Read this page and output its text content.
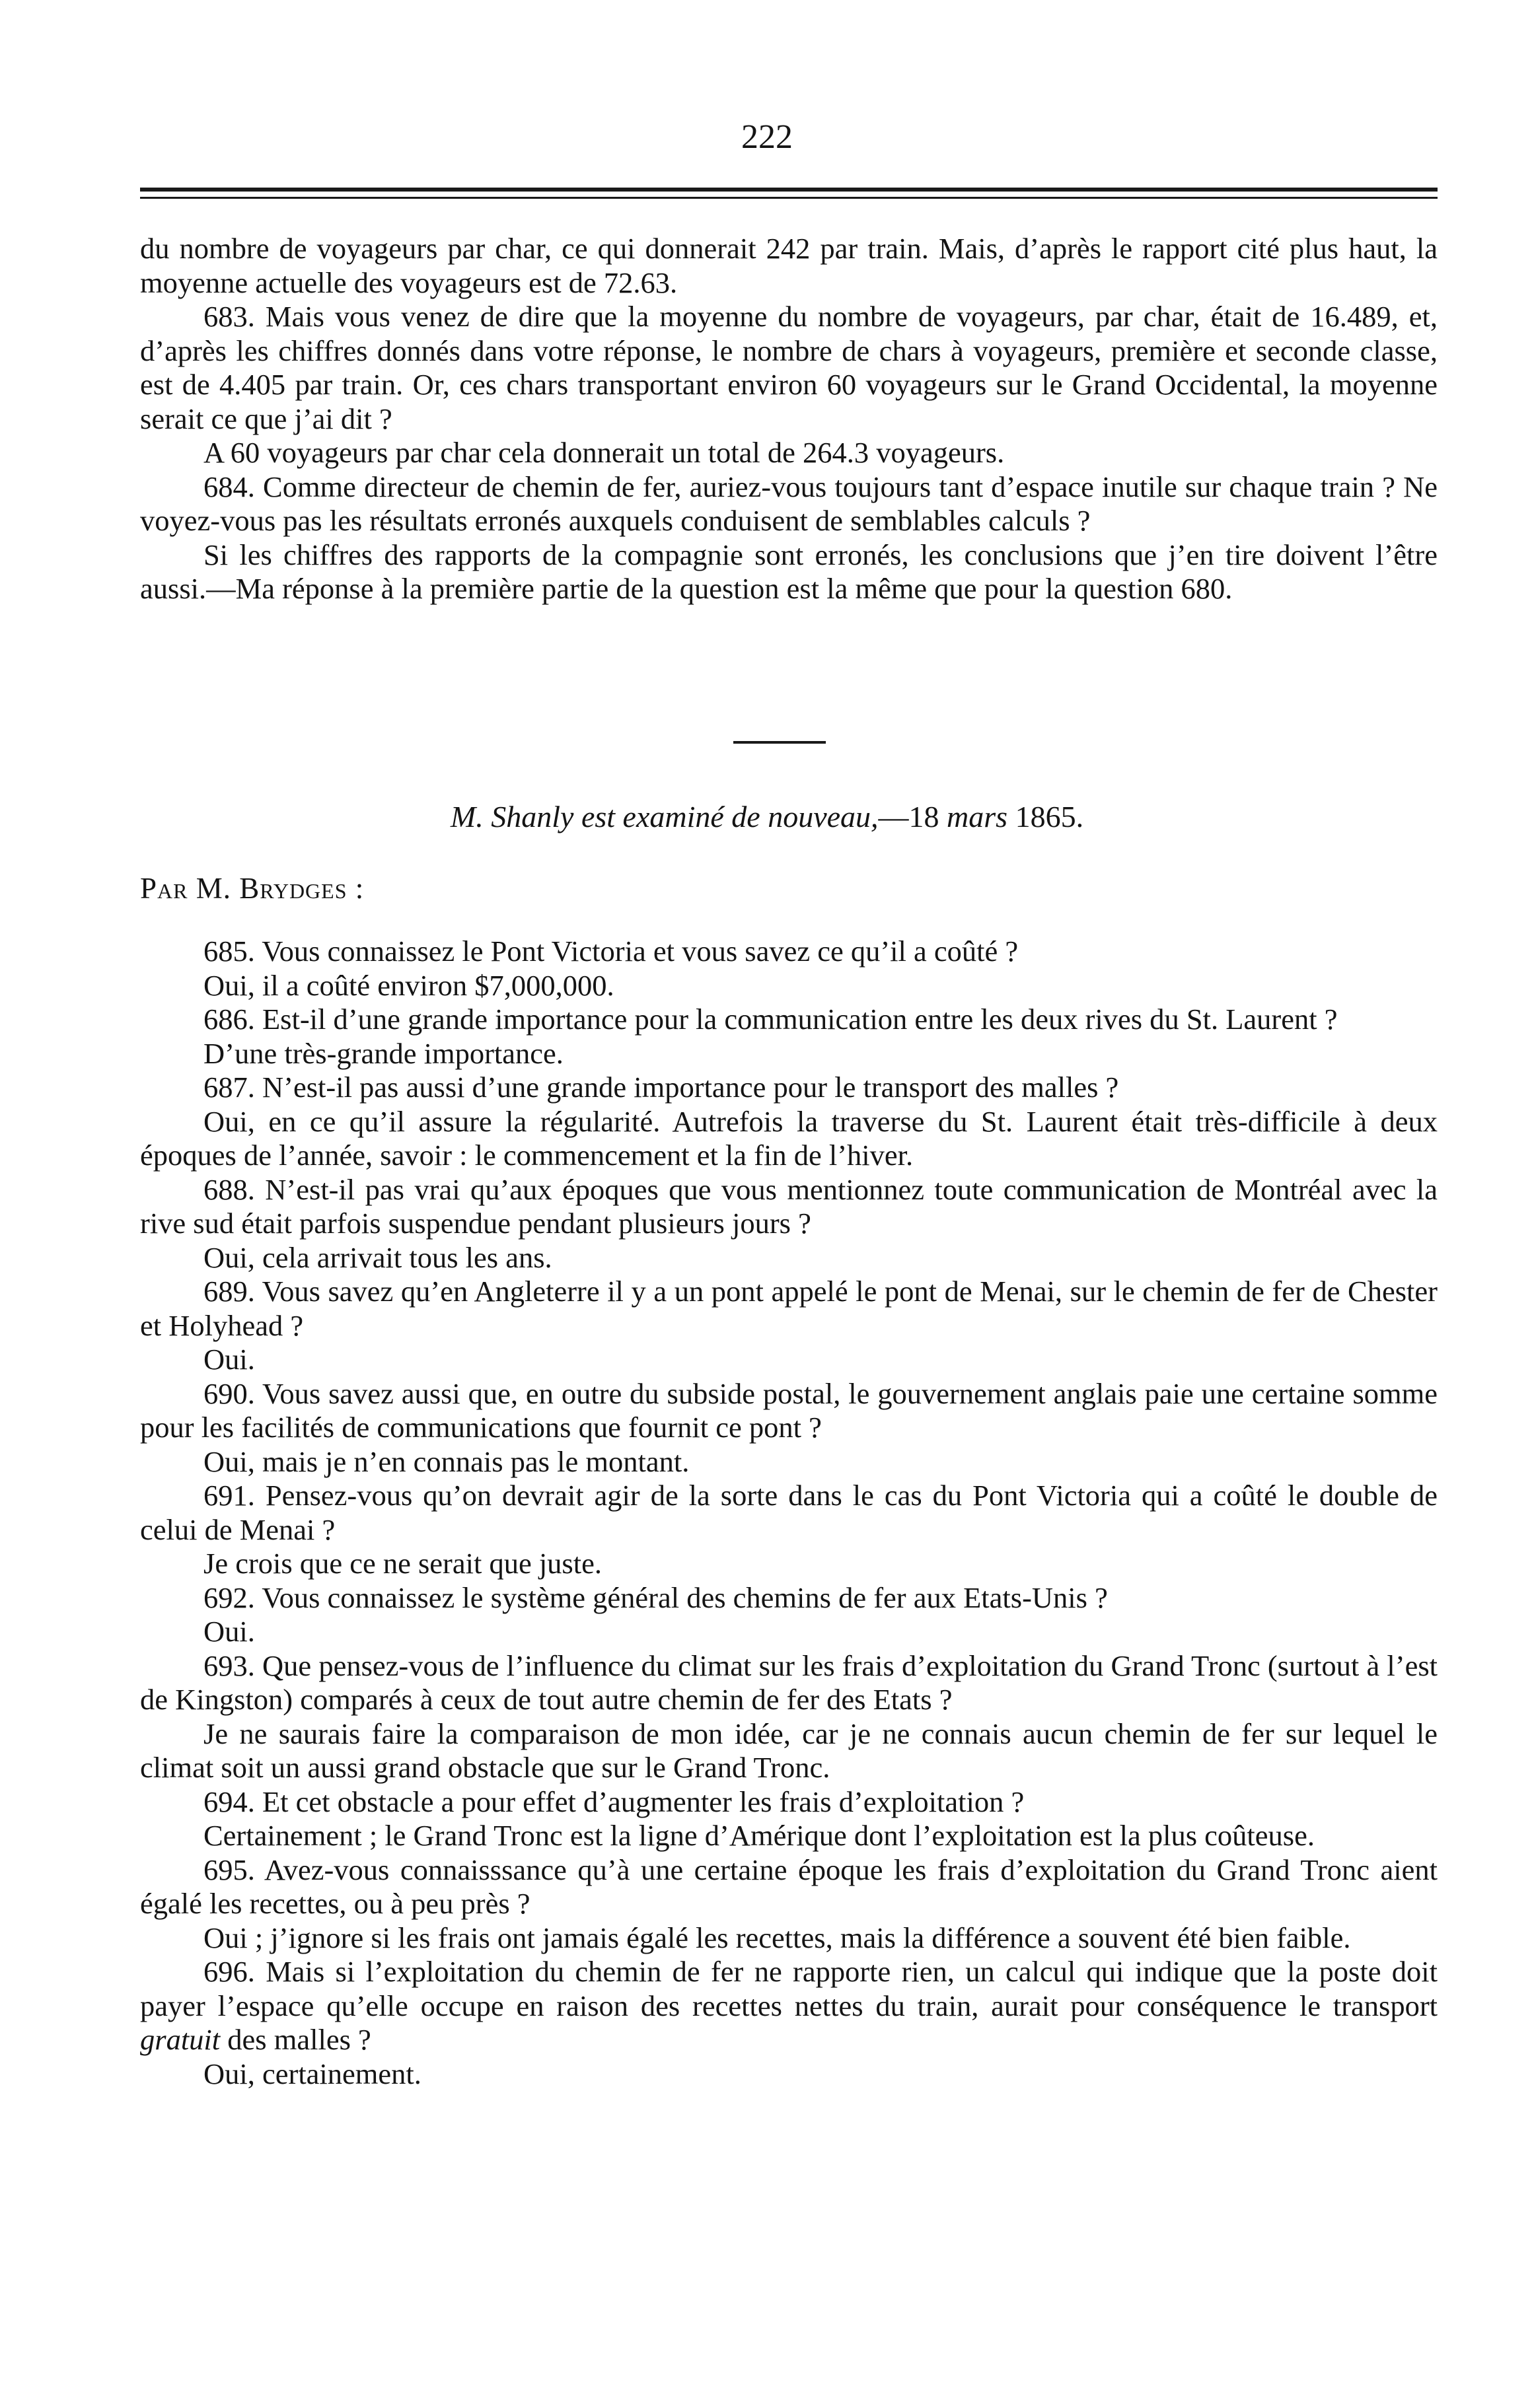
222

du nombre de voyageurs par char, ce qui donnerait 242 par train. Mais, d’après le rapport cité plus haut, la moyenne actuelle des voyageurs est de 72.63.

683. Mais vous venez de dire que la moyenne du nombre de voyageurs, par char, était de 16.489, et, d’après les chiffres donnés dans votre réponse, le nombre de chars à voyageurs, première et seconde classe, est de 4.405 par train. Or, ces chars transportant environ 60 voyageurs sur le Grand Occidental, la moyenne serait ce que j’ai dit ?

A 60 voyageurs par char cela donnerait un total de 264.3 voyageurs.

684. Comme directeur de chemin de fer, auriez-vous toujours tant d’espace inutile sur chaque train ? Ne voyez-vous pas les résultats erronés auxquels conduisent de semblables calculs ?

Si les chiffres des rapports de la compagnie sont erronés, les conclusions que j’en tire doivent l’être aussi.—Ma réponse à la première partie de la question est la même que pour la question 680.

M. Shanly est examiné de nouveau,—18 mars 1865.
Par M. Brydges :

685. Vous connaissez le Pont Victoria et vous savez ce qu’il a coûté ?

Oui, il a coûté environ $7,000,000.

686. Est-il d’une grande importance pour la communication entre les deux rives du St. Laurent ?

D’une très-grande importance.

687. N’est-il pas aussi d’une grande importance pour le transport des malles ?

Oui, en ce qu’il assure la régularité. Autrefois la traverse du St. Laurent était très-difficile à deux époques de l’année, savoir : le commencement et la fin de l’hiver.

688. N’est-il pas vrai qu’aux époques que vous mentionnez toute communication de Montréal avec la rive sud était parfois suspendue pendant plusieurs jours ?

Oui, cela arrivait tous les ans.

689. Vous savez qu’en Angleterre il y a un pont appelé le pont de Menai, sur le chemin de fer de Chester et Holyhead ?

Oui.

690. Vous savez aussi que, en outre du subside postal, le gouvernement anglais paie une certaine somme pour les facilités de communications que fournit ce pont ?

Oui, mais je n’en connais pas le montant.

691. Pensez-vous qu’on devrait agir de la sorte dans le cas du Pont Victoria qui a coûté le double de celui de Menai ?

Je crois que ce ne serait que juste.

692. Vous connaissez le système général des chemins de fer aux Etats-Unis ?

Oui.

693. Que pensez-vous de l’influence du climat sur les frais d’exploitation du Grand Tronc (surtout à l’est de Kingston) comparés à ceux de tout autre chemin de fer des Etats ?

Je ne saurais faire la comparaison de mon idée, car je ne connais aucun chemin de fer sur lequel le climat soit un aussi grand obstacle que sur le Grand Tronc.

694. Et cet obstacle a pour effet d’augmenter les frais d’exploitation ?

Certainement ; le Grand Tronc est la ligne d’Amérique dont l’exploitation est la plus coûteuse.

695. Avez-vous connaisssance qu’à une certaine époque les frais d’exploitation du Grand Tronc aient égalé les recettes, ou à peu près ?

Oui ; j’ignore si les frais ont jamais égalé les recettes, mais la différence a souvent été bien faible.

696. Mais si l’exploitation du chemin de fer ne rapporte rien, un calcul qui indique que la poste doit payer l’espace qu’elle occupe en raison des recettes nettes du train, aurait pour conséquence le transport gratuit des malles ?

Oui, certainement.
